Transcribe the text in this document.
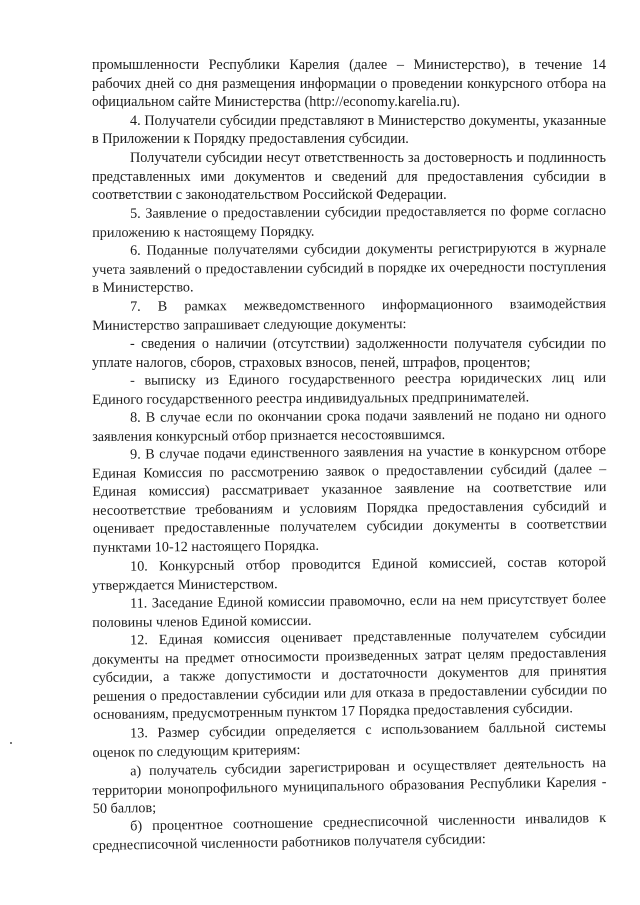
промышленности Республики Карелия (далее – Министерство), в течение 14 рабочих дней со дня размещения информации о проведении конкурсного отбора на официальном сайте Министерства (http://economy.karelia.ru).

4. Получатели субсидии представляют в Министерство документы, указанные в Приложении к Порядку предоставления субсидии.

Получатели субсидии несут ответственность за достоверность и подлинность представленных ими документов и сведений для предоставления субсидии в соответствии с законодательством Российской Федерации.

5. Заявление о предоставлении субсидии предоставляется по форме согласно приложению к настоящему Порядку.

6. Поданные получателями субсидии документы регистрируются в журнале учета заявлений о предоставлении субсидий в порядке их очередности поступления в Министерство.

7. В рамках межведомственного информационного взаимодействия Министерство запрашивает следующие документы:

- сведения о наличии (отсутствии) задолженности получателя субсидии по уплате налогов, сборов, страховых взносов, пеней, штрафов, процентов;

- выписку из Единого государственного реестра юридических лиц или Единого государственного реестра индивидуальных предпринимателей.

8. В случае если по окончании срока подачи заявлений не подано ни одного заявления конкурсный отбор признается несостоявшимся.

9. В случае подачи единственного заявления на участие в конкурсном отборе Единая Комиссия по рассмотрению заявок о предоставлении субсидий (далее – Единая комиссия) рассматривает указанное заявление на соответствие или несоответствие требованиям и условиям Порядка предоставления субсидий и оценивает предоставленные получателем субсидии документы в соответствии пунктами 10-12 настоящего Порядка.

10. Конкурсный отбор проводится Единой комиссией, состав которой утверждается Министерством.

11. Заседание Единой комиссии правомочно, если на нем присутствует более половины членов Единой комиссии.

12. Единая комиссия оценивает представленные получателем субсидии документы на предмет относимости произведенных затрат целям предоставления субсидии, а также допустимости и достаточности документов для принятия решения о предоставлении субсидии или для отказа в предоставлении субсидии по основаниям, предусмотренным пунктом 17 Порядка предоставления субсидии.

13. Размер субсидии определяется с использованием балльной системы оценок по следующим критериям:

а) получатель субсидии зарегистрирован и осуществляет деятельность на территории монопрофильного муниципального образования Республики Карелия - 50 баллов;

б) процентное соотношение среднесписочной численности инвалидов к среднесписочной численности работников получателя субсидии:
